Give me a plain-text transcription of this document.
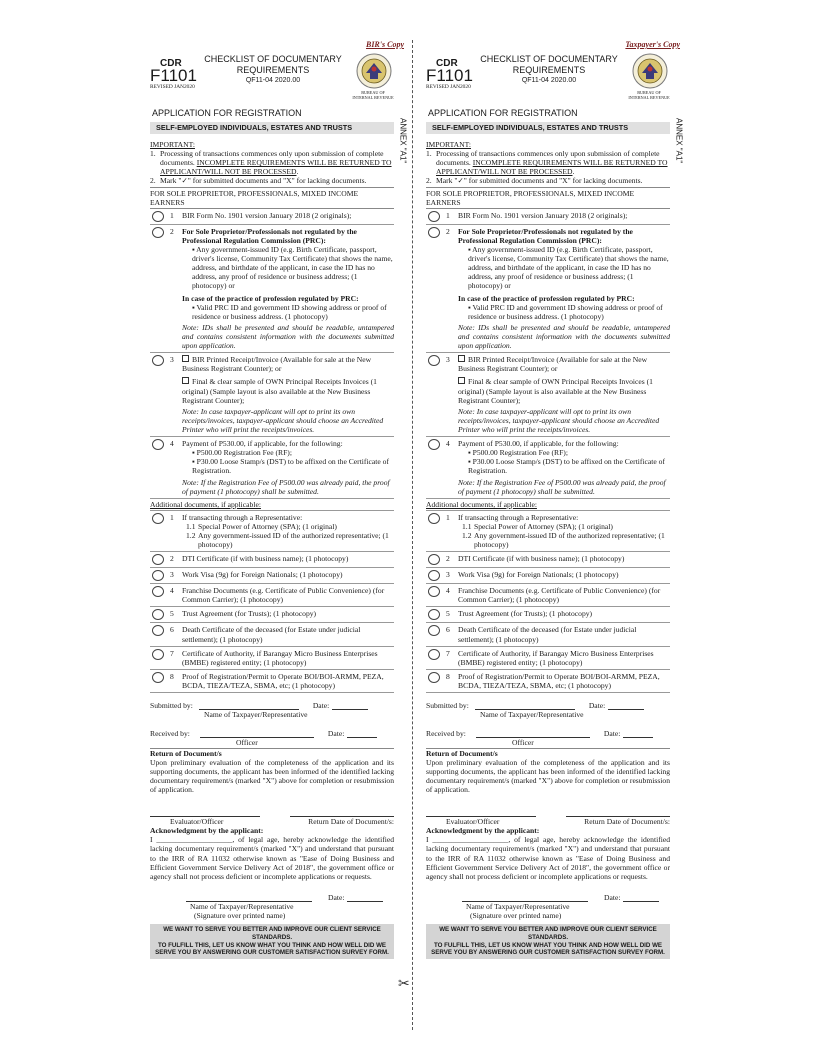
✂
BIR's Copy
CDR
F1101
REVISED JAN2020
CHECKLIST OF DOCUMENTARY
REQUIREMENTS
QF11-04 2020.00
BUREAU OF
INTERNAL REVENUE
APPLICATION FOR REGISTRATION
SELF-EMPLOYED INDIVIDUALS, ESTATES AND TRUSTS	ANNEX "A1"
IMPORTANT:
1. Processing of transactions commences only upon submission of complete documents. INCOMPLETE REQUIREMENTS WILL BE RETURNED TO APPLICANT/WILL NOT BE PROCESSED.
2. Mark "✓" for submitted documents and "X" for lacking documents.
FOR SOLE PROPRIETOR, PROFESSIONALS, MIXED INCOME EARNERS
1	BIR Form No. 1901 version January 2018 (2 originals);
2	For Sole Proprietor/Professionals not regulated by the Professional Regulation Commission (PRC):
▪ Any government-issued ID (e.g. Birth Certificate, passport, driver's license, Community Tax Certificate) that shows the name, address, and birthdate of the applicant, in case the ID has no address, any proof of residence or business address; (1 photocopy) or
In case of the practice of profession regulated by PRC:
▪ Valid PRC ID and government ID showing address or proof of residence or business address. (1 photocopy)
Note: IDs shall be presented and should be readable, untampered and contains consistent information with the documents submitted upon application.
3	BIR Printed Receipt/Invoice (Available for sale at the New Business Registrant Counter); or
Final & clear sample of OWN Principal Receipts Invoices (1 original) (Sample layout is also available at the New Business Registrant Counter);
Note: In case taxpayer-applicant will opt to print its own receipts/invoices, taxpayer-applicant should choose an Accredited Printer who will print the receipts/invoices.
4	Payment of P530.00, if applicable, for the following:
▪ P500.00 Registration Fee (RF);
▪ P30.00 Loose Stamp/s (DST) to be affixed on the Certificate of Registration.
Note: If the Registration Fee of P500.00 was already paid, the proof of payment (1 photocopy) shall be submitted.
Additional documents, if applicable:
1	If transacting through a Representative:
1.1 Special Power of Attorney (SPA); (1 original)
1.2 Any government-issued ID of the authorized representative; (1 photocopy)
2	DTI Certificate (if with business name); (1 photocopy)
3	Work Visa (9g) for Foreign Nationals; (1 photocopy)
4	Franchise Documents (e.g. Certificate of Public Convenience) (for Common Carrier); (1 photocopy)
5	Trust Agreement (for Trusts); (1 photocopy)
6	Death Certificate of the deceased (for Estate under judicial settlement); (1 photocopy)
7	Certificate of Authority, if Barangay Micro Business Enterprises (BMBE) registered entity; (1 photocopy)
8	Proof of Registration/Permit to Operate BOI/BOI-ARMM, PEZA, BCDA, TIEZA/TEZA, SBMA, etc; (1 photocopy)
Submitted by:	Date:
Name of Taxpayer/Representative
Received by:	Date:
Officer
Return of Document/s
Upon preliminary evaluation of the completeness of the application and its supporting documents, the applicant has been informed of the identified lacking documentary requirement/s (marked "X") above for completion or resubmission of application.
Evaluator/Officer	Return Date of Document/s:
Acknowledgment by the applicant:
I ____________________, of legal age, hereby acknowledge the identified lacking documentary requirement/s (marked "X") and understand that pursuant to the IRR of RA 11032 otherwise known as "Ease of Doing Business and Efficient Government Service Delivery Act of 2018", the government office or agency shall not process deficient or incomplete applications or requests.
Date:
Name of Taxpayer/Representative
(Signature over printed name)
WE WANT TO SERVE YOU BETTER AND IMPROVE OUR CLIENT SERVICE STANDARDS.
TO FULFILL THIS, LET US KNOW WHAT YOU THINK AND HOW WELL DID WE SERVE YOU BY ANSWERING OUR CUSTOMER SATISFACTION SURVEY FORM.
Taxpayer's Copy
CDR
F1101
REVISED JAN2020
CHECKLIST OF DOCUMENTARY
REQUIREMENTS
QF11-04 2020.00
BUREAU OF
INTERNAL REVENUE
APPLICATION FOR REGISTRATION
SELF-EMPLOYED INDIVIDUALS, ESTATES AND TRUSTS	ANNEX "A1"
IMPORTANT:
1. Processing of transactions commences only upon submission of complete documents. INCOMPLETE REQUIREMENTS WILL BE RETURNED TO APPLICANT/WILL NOT BE PROCESSED.
2. Mark "✓" for submitted documents and "X" for lacking documents.
FOR SOLE PROPRIETOR, PROFESSIONALS, MIXED INCOME EARNERS
1	BIR Form No. 1901 version January 2018 (2 originals);
2	For Sole Proprietor/Professionals not regulated by the Professional Regulation Commission (PRC):
▪ Any government-issued ID (e.g. Birth Certificate, passport, driver's license, Community Tax Certificate) that shows the name, address, and birthdate of the applicant, in case the ID has no address, any proof of residence or business address; (1 photocopy) or
In case of the practice of profession regulated by PRC:
▪ Valid PRC ID and government ID showing address or proof of residence or business address. (1 photocopy)
Note: IDs shall be presented and should be readable, untampered and contains consistent information with the documents submitted upon application.
3	BIR Printed Receipt/Invoice (Available for sale at the New Business Registrant Counter); or
Final & clear sample of OWN Principal Receipts Invoices (1 original) (Sample layout is also available at the New Business Registrant Counter);
Note: In case taxpayer-applicant will opt to print its own receipts/invoices, taxpayer-applicant should choose an Accredited Printer who will print the receipts/invoices.
4	Payment of P530.00, if applicable, for the following:
▪ P500.00 Registration Fee (RF);
▪ P30.00 Loose Stamp/s (DST) to be affixed on the Certificate of Registration.
Note: If the Registration Fee of P500.00 was already paid, the proof of payment (1 photocopy) shall be submitted.
Additional documents, if applicable:
1	If transacting through a Representative:
1.1 Special Power of Attorney (SPA); (1 original)
1.2 Any government-issued ID of the authorized representative; (1 photocopy)
2	DTI Certificate (if with business name); (1 photocopy)
3	Work Visa (9g) for Foreign Nationals; (1 photocopy)
4	Franchise Documents (e.g. Certificate of Public Convenience) (for Common Carrier); (1 photocopy)
5	Trust Agreement (for Trusts); (1 photocopy)
6	Death Certificate of the deceased (for Estate under judicial settlement); (1 photocopy)
7	Certificate of Authority, if Barangay Micro Business Enterprises (BMBE) registered entity; (1 photocopy)
8	Proof of Registration/Permit to Operate BOI/BOI-ARMM, PEZA, BCDA, TIEZA/TEZA, SBMA, etc; (1 photocopy)
Submitted by:	Date:
Name of Taxpayer/Representative
Received by:	Date:
Officer
Return of Document/s
Upon preliminary evaluation of the completeness of the application and its supporting documents, the applicant has been informed of the identified lacking documentary requirement/s (marked "X") above for completion or resubmission of application.
Evaluator/Officer	Return Date of Document/s:
Acknowledgment by the applicant:
I ____________________, of legal age, hereby acknowledge the identified lacking documentary requirement/s (marked "X") and understand that pursuant to the IRR of RA 11032 otherwise known as "Ease of Doing Business and Efficient Government Service Delivery Act of 2018", the government office or agency shall not process deficient or incomplete applications or requests.
Date:
Name of Taxpayer/Representative
(Signature over printed name)
WE WANT TO SERVE YOU BETTER AND IMPROVE OUR CLIENT SERVICE STANDARDS.
TO FULFILL THIS, LET US KNOW WHAT YOU THINK AND HOW WELL DID WE SERVE YOU BY ANSWERING OUR CUSTOMER SATISFACTION SURVEY FORM.
